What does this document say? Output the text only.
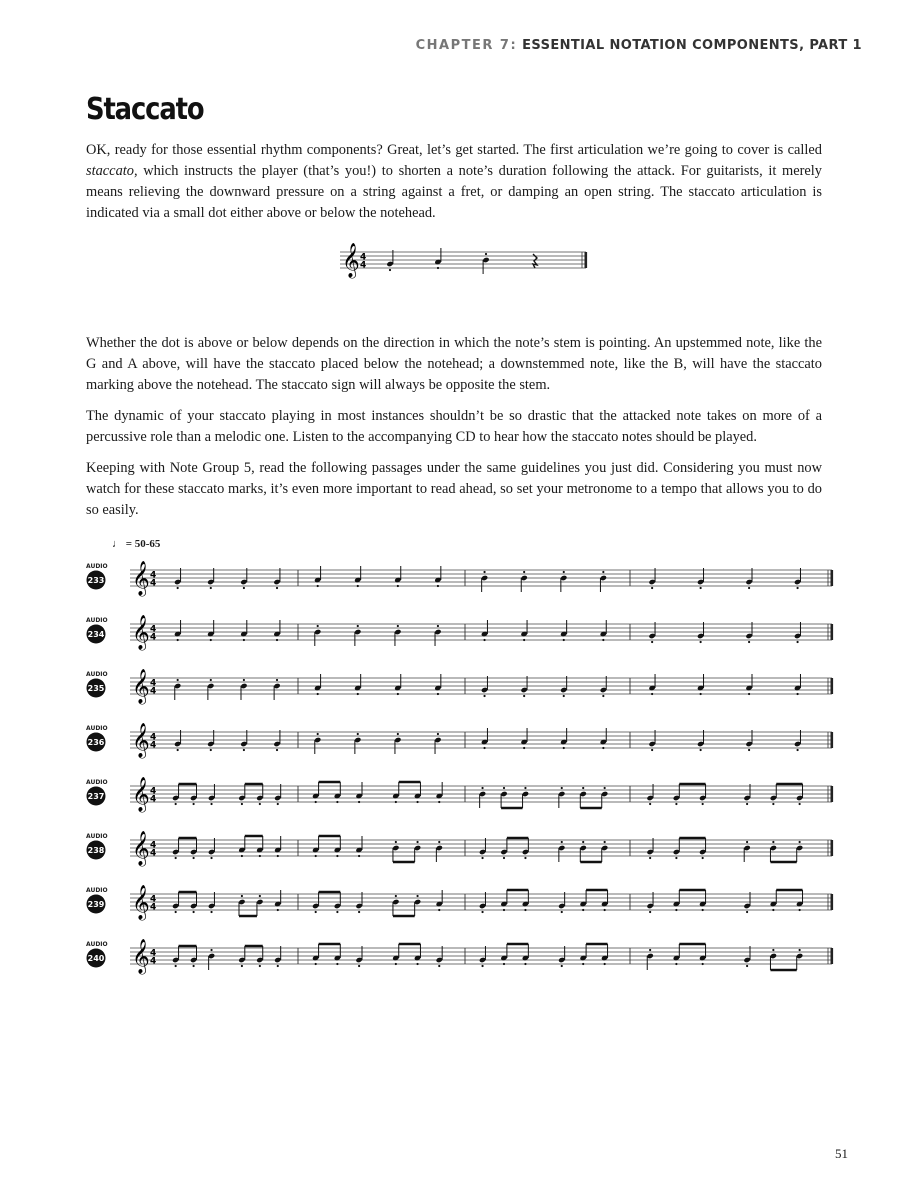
CHAPTER 7: ESSENTIAL NOTATION COMPONENTS, PART 1
Staccato

OK, ready for those essential rhythm components? Great, let’s get started. The first articulation we’re going to cover is called staccato, which instructs the player (that’s you!) to shorten a note’s duration following the attack. For guitarists, it merely means relieving the downward pressure on a string against a fret, or damping an open string. The staccato articulation is indicated via a small dot either above or below the notehead.

Whether the dot is above or below depends on the direction in which the note’s stem is pointing. An upstemmed note, like the G and A above, will have the staccato placed below the notehead; a downstemmed note, like the B, will have the staccato marking above the notehead. The staccato sign will always be opposite the stem.

The dynamic of your staccato playing in most instances shouldn’t be so drastic that the attacked note takes on more of a percussive role than a melodic one. Listen to the accompanying CD to hear how the staccato notes should be played.

Keeping with Note Group 5, read the following passages under the same guidelines you just did. Considering you must now watch for these staccato marks, it’s even more important to read ahead, so set your metronome to a tempo that allows you to do so easily.

♩ = 50-65
𝄞 4
4
AUDIO
233 𝄞 4
4
AUDIO
234 𝄞 4
4
AUDIO
235 𝄞 4
4
AUDIO
236 𝄞 4
4
AUDIO
237 𝄞 4
4
AUDIO
238 𝄞 4
4
AUDIO
239 𝄞 4
4
AUDIO
240 𝄞 4
4
51
